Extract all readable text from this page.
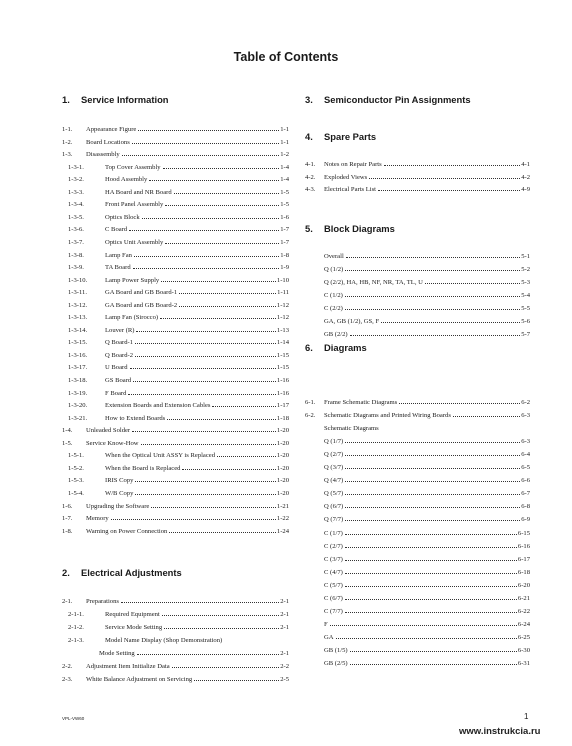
Table of Contents
1. Service Information
1-1.	Appearance Figure	1-1
1-2.	Board Locations	1-1
1-3.	Disassembly	1-2
1-3-1.	Top Cover Assembly	1-4
1-3-2.	Hood Assembly	1-4
1-3-3.	HA Board and NR Board	1-5
1-3-4.	Front Panel Assembly	1-5
1-3-5.	Optics Block	1-6
1-3-6.	C Board	1-7
1-3-7.	Optics Unit Assembly	1-7
1-3-8.	Lamp Fan	1-8
1-3-9.	TA Board	1-9
1-3-10.	Lamp Power Supply	1-10
1-3-11.	GA Board and GB Board-1	1-11
1-3-12.	GA Board and GB Board-2	1-12
1-3-13.	Lamp Fan (Sirocco)	1-12
1-3-14.	Louver (R)	1-13
1-3-15.	Q Board-1	1-14
1-3-16.	Q Board-2	1-15
1-3-17.	U Board	1-15
1-3-18.	GS Board	1-16
1-3-19.	F Board	1-16
1-3-20.	Extension Boards and Extension Cables	1-17
1-3-21.	How to Extend Boards	1-18
1-4.	Unleaded Solder	1-20
1-5.	Service Know-How	1-20
1-5-1.	When the Optical Unit ASSY is Replaced	1-20
1-5-2.	When the Board is Replaced	1-20
1-5-3.	IRIS Copy	1-20
1-5-4.	W/B Copy	1-20
1-6.	Upgrading the Software	1-21
1-7.	Memory	1-22
1-8.	Warning on Power Connection	1-24
2. Electrical Adjustments
2-1.	Preparations	2-1
2-1-1.	Required Equipment	2-1
2-1-2.	Service Mode Setting	2-1
2-1-3.	Model Name Display (Shop Demonstration)
Mode Setting	2-1
2-2.	Adjustment Item Initialize Data	2-2
2-3.	White Balance Adjustment on Servicing	2-5
3. Semiconductor Pin Assignments
4. Spare Parts
4-1.	Notes on Repair Parts	4-1
4-2.	Exploded Views	4-2
4-3.	Electrical Parts List	4-9
5. Block Diagrams
Overall	5-1
Q (1/2)	5-2
Q (2/2), HA, HB, NF, NR, TA, TL, U	5-3
C (1/2)	5-4
C (2/2)	5-5
GA, GB (1/2), GS, F	5-6
GB (2/2)	5-7
6. Diagrams
6-1.	Frame Schematic Diagrams	6-2
6-2.	Schematic Diagrams and Printed Wiring Boards	6-3
Schematic Diagrams
Q (1/7)	6-3
Q (2/7)	6-4
Q (3/7)	6-5
Q (4/7)	6-6
Q (5/7)	6-7
Q (6/7)	6-8
Q (7/7)	6-9
C (1/7)	6-15
C (2/7)	6-16
C (3/7)	6-17
C (4/7)	6-18
C (5/7)	6-20
C (6/7)	6-21
C (7/7)	6-22
F	6-24
GA	6-25
GB (1/5)	6-30
GB (2/5)	6-31
VPL-VW60	1
www.instrukcia.ru
